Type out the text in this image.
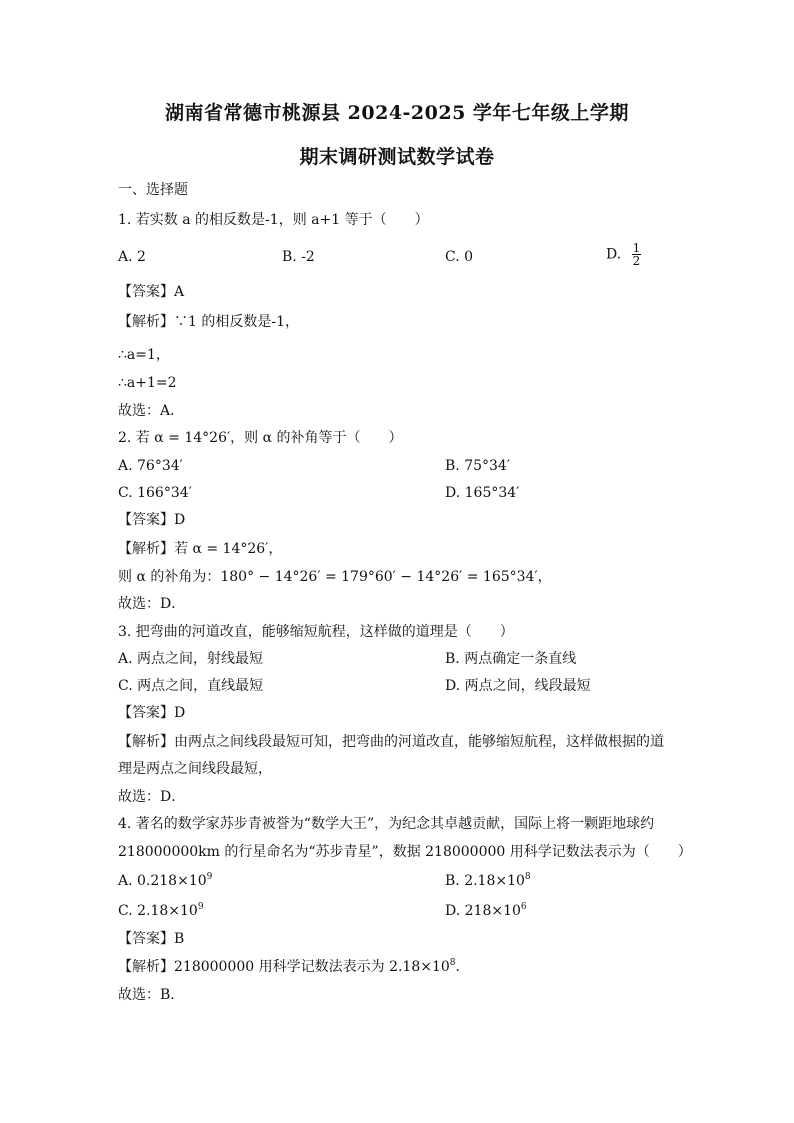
湖南省常德市桃源县 2024-2025 学年七年级上学期
期末调研测试数学试卷
一、选择题
1. 若实数 a 的相反数是-1，则 a+1 等于（　　）
A. 2	B. -2	C. 0	D. $\frac{1}{2}$
【答案】A
【解析】∵1 的相反数是-1，
∴a=1，
∴a+1=2
故选：A．
2. 若 α = 14°26′，则 α 的补角等于（　　）
A. 76°34′	B. 75°34′
C. 166°34′	D. 165°34′
【答案】D
【解析】若 α = 14°26′，
则 α 的补角为：180° − 14°26′ = 179°60′ − 14°26′ = 165°34′，
故选：D．
3. 把弯曲的河道改直，能够缩短航程，这样做的道理是（　　）
A. 两点之间，射线最短	B. 两点确定一条直线
C. 两点之间，直线最短	D. 两点之间，线段最短
【答案】D
【解析】由两点之间线段最短可知，把弯曲的河道改直，能够缩短航程，这样做根据的道
理是两点之间线段最短，
故选：D．
4. 著名的数学家苏步青被誉为“数学大王”，为纪念其卓越贡献，国际上将一颗距地球约
218000000km 的行星命名为“苏步青星”，数据 218000000 用科学记数法表示为（　　）
A. $0.218\times 10^9$	B. $2.18\times 10^8$
C. $2.18\times 10^9$	D. $218\times 10^6$
【答案】B
【解析】218000000 用科学记数法表示为 $2.18\times 10^8$．
故选：B．
